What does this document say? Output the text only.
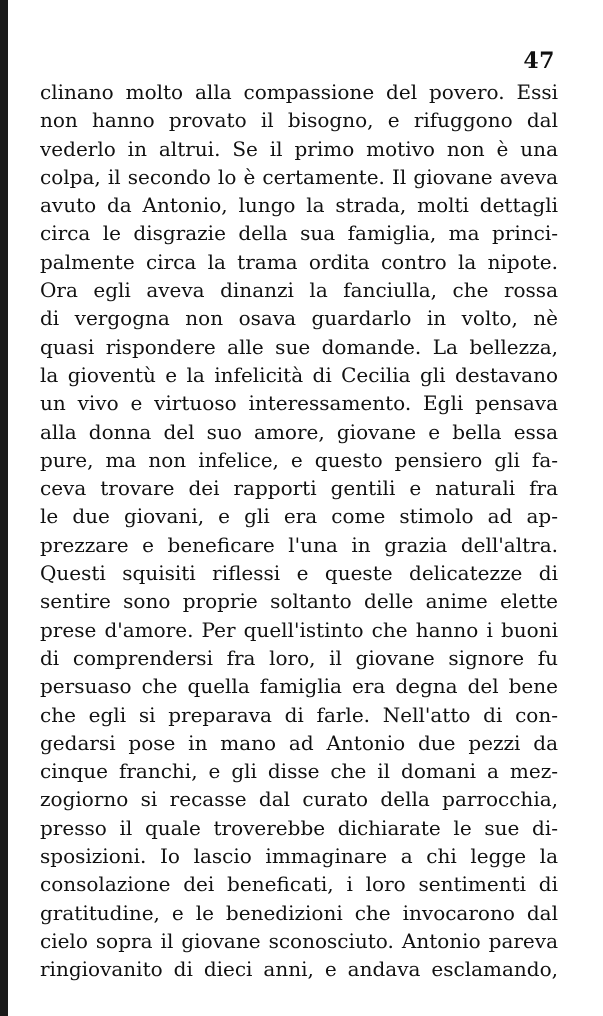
47
clinano molto alla compassione del povero. Essi
non hanno provato il bisogno, e rifuggono dal
vederlo in altrui. Se il primo motivo non è una
colpa, il secondo lo è certamente. Il giovane aveva
avuto da Antonio, lungo la strada, molti dettagli
circa le disgrazie della sua famiglia, ma princi-
palmente circa la trama ordita contro la nipote.
Ora egli aveva dinanzi la fanciulla, che rossa
di vergogna non osava guardarlo in volto, nè
quasi rispondere alle sue domande. La bellezza,
la gioventù e la infelicità di Cecilia gli destavano
un vivo e virtuoso interessamento. Egli pensava
alla donna del suo amore, giovane e bella essa
pure, ma non infelice, e questo pensiero gli fa-
ceva trovare dei rapporti gentili e naturali fra
le due giovani, e gli era come stimolo ad ap-
prezzare e beneficare l'una in grazia dell'altra.
Questi squisiti riflessi e queste delicatezze di
sentire sono proprie soltanto delle anime elette
prese d'amore. Per quell'istinto che hanno i buoni
di comprendersi fra loro, il giovane signore fu
persuaso che quella famiglia era degna del bene
che egli si preparava di farle. Nell'atto di con-
gedarsi pose in mano ad Antonio due pezzi da
cinque franchi, e gli disse che il domani a mez-
zogiorno si recasse dal curato della parrocchia,
presso il quale troverebbe dichiarate le sue di-
sposizioni. Io lascio immaginare a chi legge la
consolazione dei beneficati, i loro sentimenti di
gratitudine, e le benedizioni che invocarono dal
cielo sopra il giovane sconosciuto. Antonio pareva
ringiovanito di dieci anni, e andava esclamando,
